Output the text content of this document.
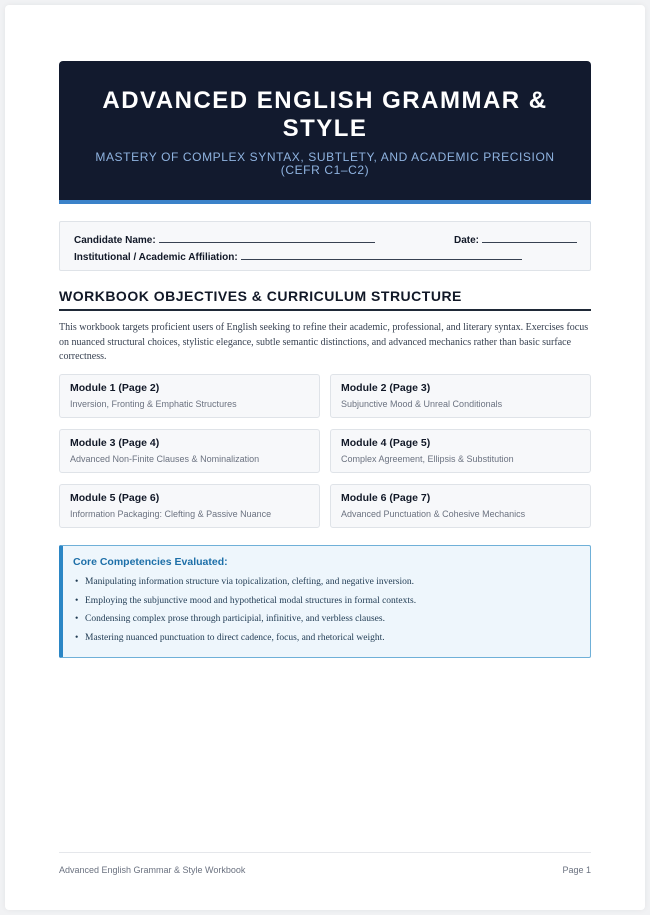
ADVANCED ENGLISH GRAMMAR & STYLE
MASTERY OF COMPLEX SYNTAX, SUBTLETY, AND ACADEMIC PRECISION (CEFR C1–C2)
Candidate Name:	Date:
Institutional / Academic Affiliation:
WORKBOOK OBJECTIVES & CURRICULUM STRUCTURE

This workbook targets proficient users of English seeking to refine their academic, professional, and literary syntax. Exercises focus on nuanced structural choices, stylistic elegance, subtle semantic distinctions, and advanced mechanics rather than basic surface correctness.

Module 1 (Page 2)
Inversion, Fronting & Emphatic Structures
Module 2 (Page 3)
Subjunctive Mood & Unreal Conditionals
Module 3 (Page 4)
Advanced Non-Finite Clauses & Nominalization
Module 4 (Page 5)
Complex Agreement, Ellipsis & Substitution
Module 5 (Page 6)
Information Packaging: Clefting & Passive Nuance
Module 6 (Page 7)
Advanced Punctuation & Cohesive Mechanics
Core Competencies Evaluated:
• Manipulating information structure via topicalization, clefting, and negative inversion.
• Employing the subjunctive mood and hypothetical modal structures in formal contexts.
• Condensing complex prose through participial, infinitive, and verbless clauses.
• Mastering nuanced punctuation to direct cadence, focus, and rhetorical weight.
Advanced English Grammar & Style Workbook	Page 1
